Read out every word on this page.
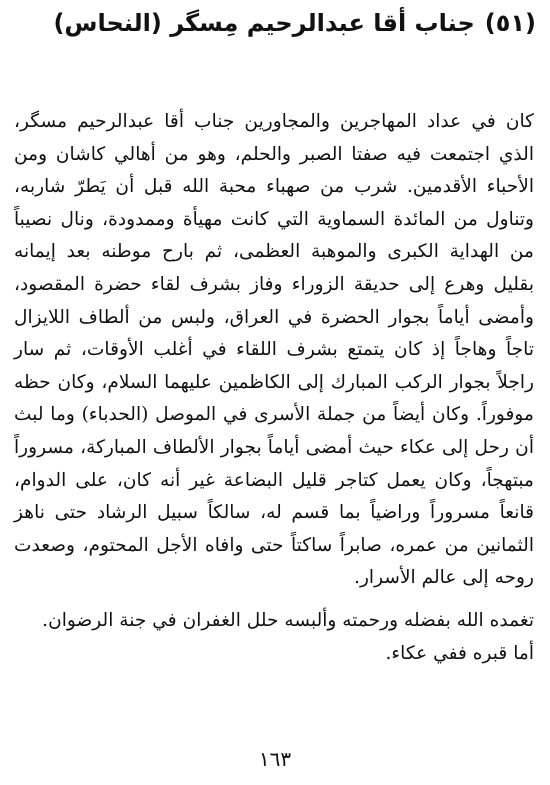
(٥١)جناب أقا عبدالرحيم مِسگر (النحاس)

كان في عداد المهاجرين والمجاورين جناب أقا عبدالرحيم مسگر، الذي اجتمعت فيه صفتا الصبر والحلم، وهو من أهالي كاشان ومن الأحباء الأقدمين. شرب من صهباء محبة الله قبل أن يَطرّ شاربه، وتناول من المائدة السماوية التي كانت مهيأة وممدودة، ونال نصيباً من الهداية الكبرى والموهبة العظمى، ثم بارح موطنه بعد إيمانه بقليل وهرع إلى حديقة الزوراء وفاز بشرف لقاء حضرة المقصود، وأمضى أياماً بجوار الحضرة في العراق، ولبس من ألطاف اللايزال تاجاً وهاجاً إذ كان يتمتع بشرف اللقاء في أغلب الأوقات، ثم سار راجلاً بجوار الركب المبارك إلى الكاظمين عليهما السلام، وكان حظه موفوراً. وكان أيضاً من جملة الأسرى في الموصل (الحدباء) وما لبث أن رحل إلى عكاء حيث أمضى أياماً بجوار الألطاف المباركة، مسروراً مبتهجاً، وكان يعمل كتاجر قليل البضاعة غير أنه كان، على الدوام، قانعاً مسروراً وراضياً بما قسم له، سالكاً سبيل الرشاد حتى ناهز الثمانين من عمره، صابراً ساكتاً حتى وافاه الأجل المحتوم، وصعدت روحه إلى عالم الأسرار.

تغمده الله بفضله ورحمته وألبسه حلل الغفران في جنة الرضوان.

أما قبره ففي عكاء.

١٦٣
